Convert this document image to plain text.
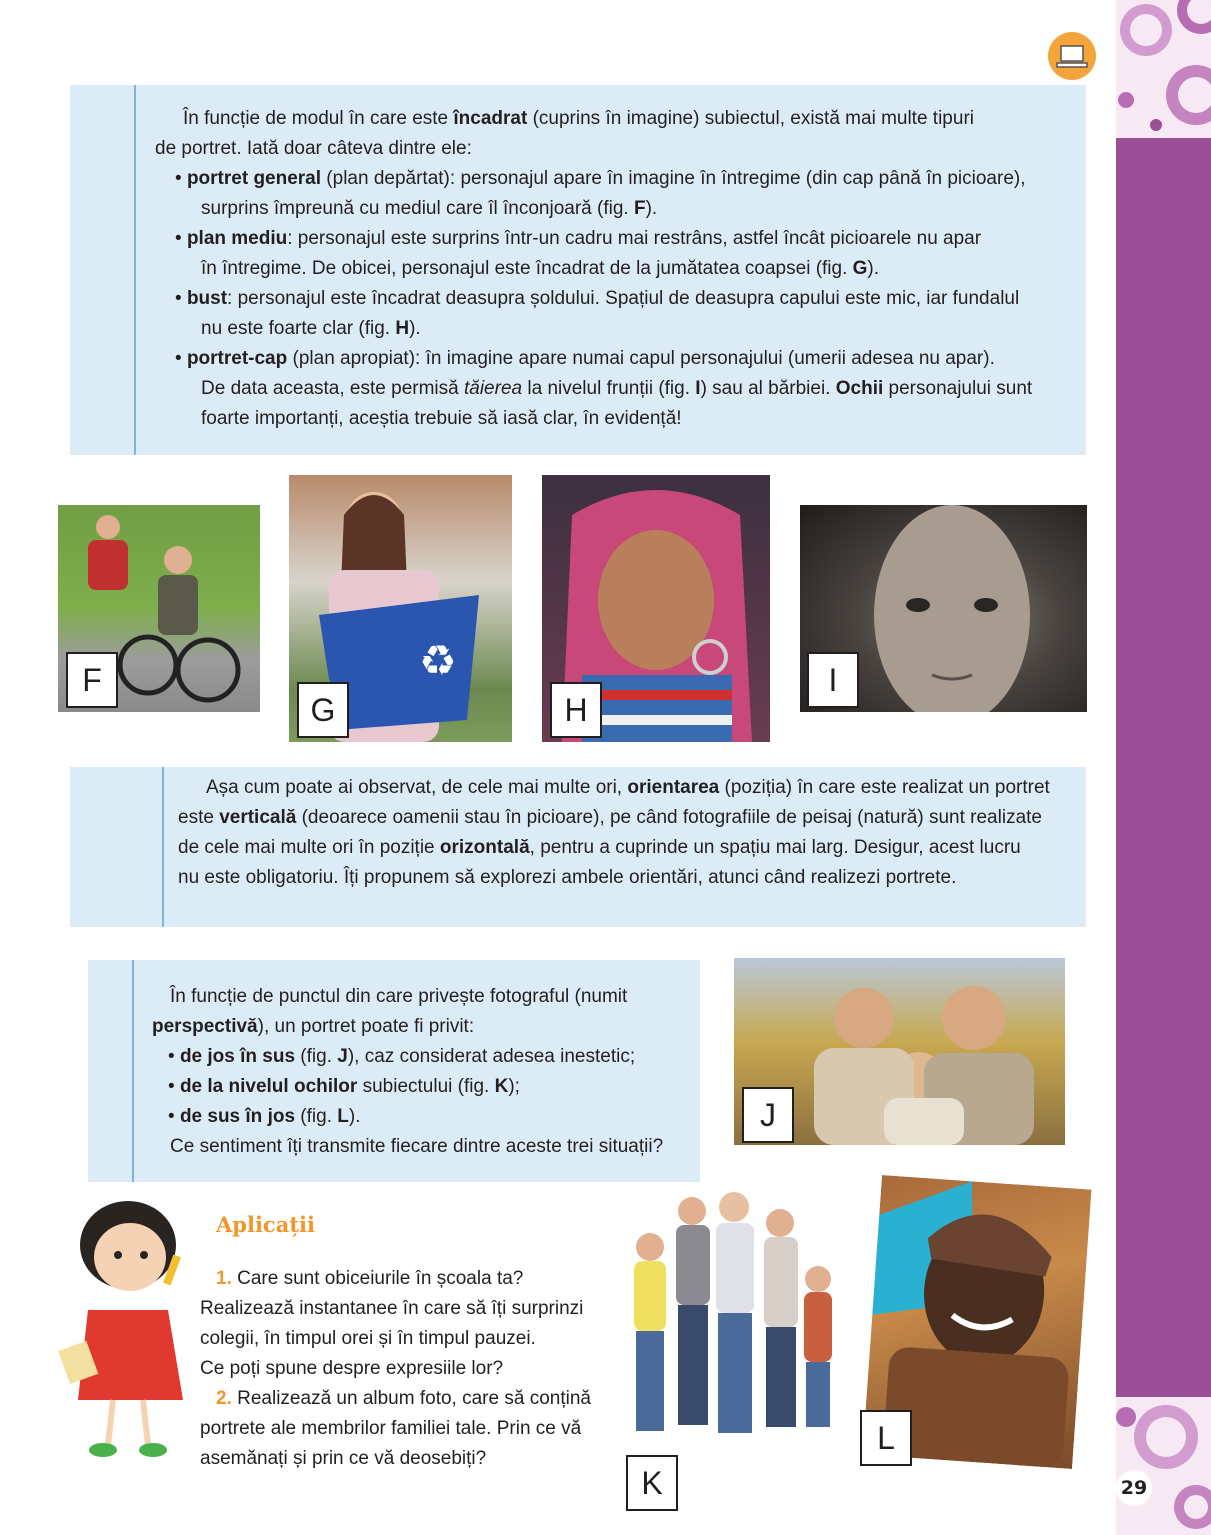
În funcție de modul în care este încadrat (cuprins în imagine) subiectul, există mai multe tipuri

de portret. Iată doar câteva dintre ele:

• portret general (plan depărtat): personajul apare în imagine în întregime (din cap până în picioare),

surprins împreună cu mediul care îl înconjoară (fig. F).

• plan mediu: personajul este surprins într-un cadru mai restrâns, astfel încât picioarele nu apar

în întregime. De obicei, personajul este încadrat de la jumătatea coapsei (fig. G).

• bust: personajul este încadrat deasupra șoldului. Spațiul de deasupra capului este mic, iar fundalul

nu este foarte clar (fig. H).

• portret-cap (plan apropiat): în imagine apare numai capul personajului (umerii adesea nu apar).

De data aceasta, este permisă tăierea la nivelul frunții (fig. I) sau al bărbiei. Ochii personajului sunt

foarte importanți, aceștia trebuie să iasă clar, în evidență!

F	♻
G	H
I

Așa cum poate ai observat, de cele mai multe ori, orientarea (poziția) în care este realizat un portret

este verticală (deoarece oamenii stau în picioare), pe când fotografiile de peisaj (natură) sunt realizate

de cele mai multe ori în poziție orizontală, pentru a cuprinde un spațiu mai larg. Desigur, acest lucru

nu este obligatoriu. Îți propunem să explorezi ambele orientări, atunci când realizezi portrete.

În funcție de punctul din care privește fotograful (numit

perspectivă), un portret poate fi privit:

• de jos în sus (fig. J), caz considerat adesea inestetic;

• de la nivelul ochilor subiectului (fig. K);

• de sus în jos (fig. L).

Ce sentiment îți transmite fiecare dintre aceste trei situații?

J
Aplicații

1. Care sunt obiceiurile în școala ta?

Realizează instantanee în care să îți surprinzi

colegii, în timpul orei și în timpul pauzei.

Ce poți spune despre expresiile lor?

2. Realizează un album foto, care să conțină

portrete ale membrilor familiei tale. Prin ce vă

asemănați și prin ce vă deosebiți?

K
L
29
